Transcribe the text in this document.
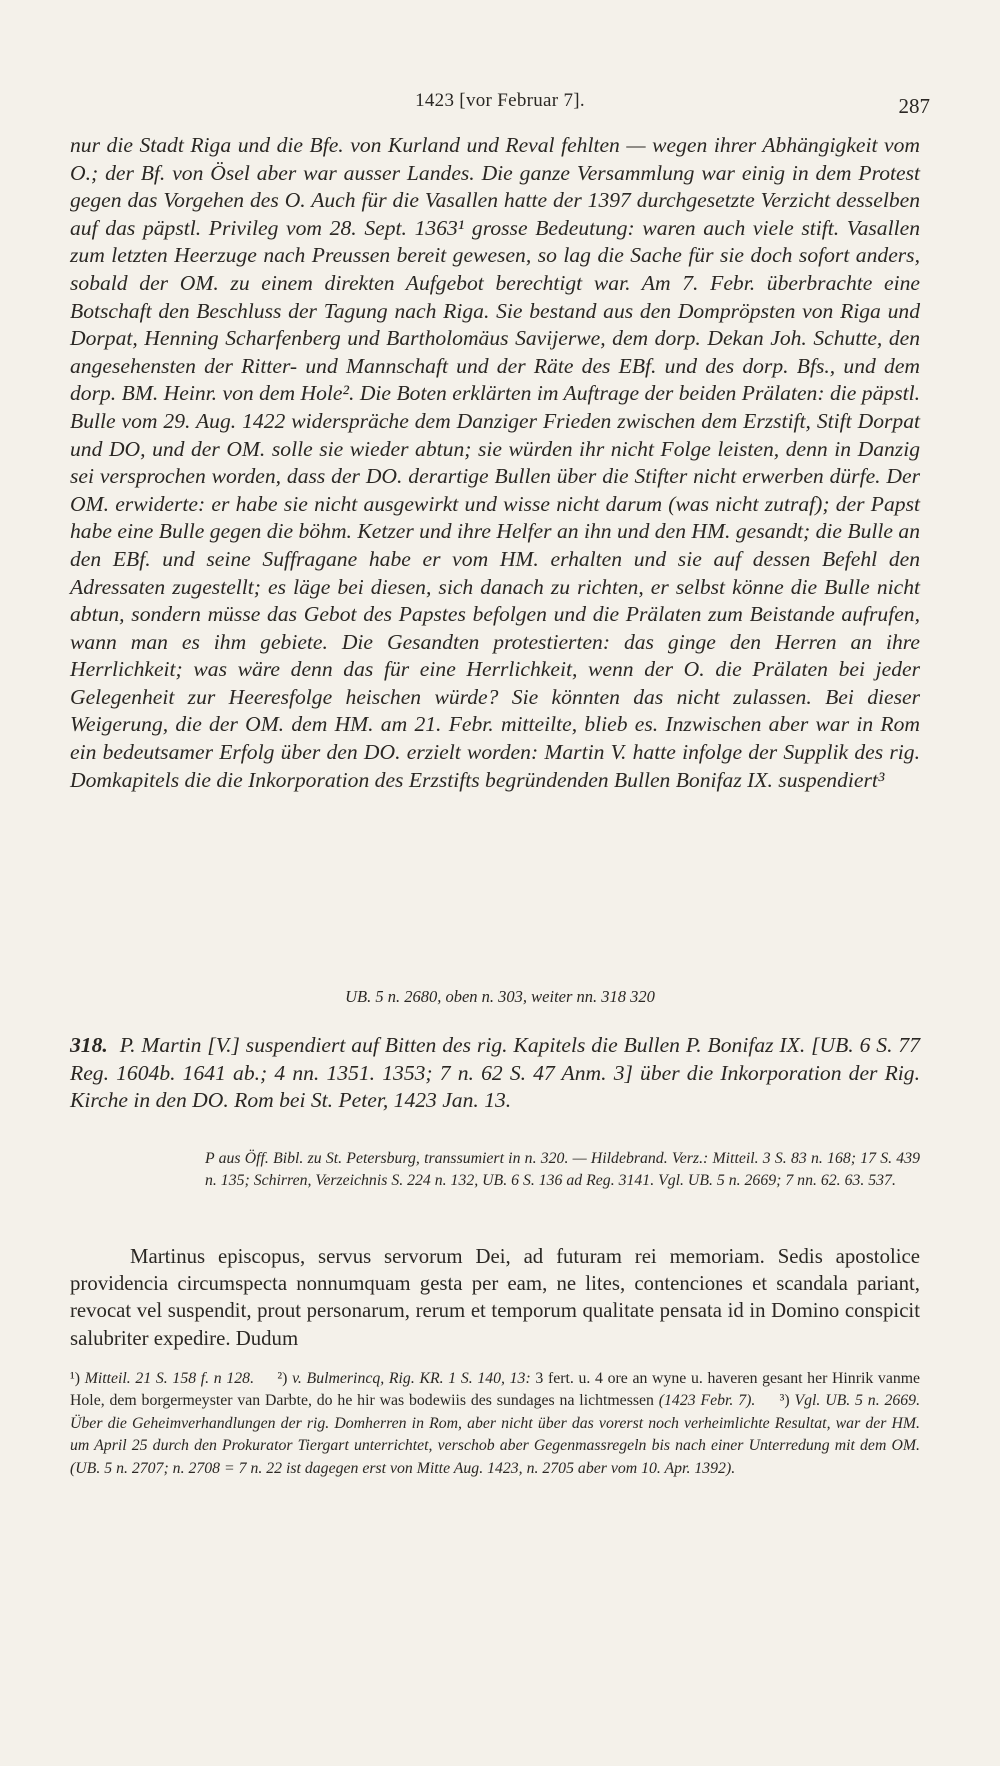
1423 [vor Februar 7].	287
nur die Stadt Riga und die Bfe. von Kurland und Reval fehlten — wegen ihrer Abhängigkeit vom O.; der Bf. von Ösel aber war ausser Landes. Die ganze Versammlung war einig in dem Protest gegen das Vorgehen des O. Auch für die Vasallen hatte der 1397 durchgesetzte Verzicht desselben auf das päpstl. Privileg vom 28. Sept. 1363¹ grosse Bedeutung: waren auch viele stift. Vasallen zum letzten Heerzuge nach Preussen bereit gewesen, so lag die Sache für sie doch sofort anders, sobald der OM. zu einem direkten Aufgebot berechtigt war. Am 7. Febr. überbrachte eine Botschaft den Beschluss der Tagung nach Riga. Sie bestand aus den Dompröpsten von Riga und Dorpat, Henning Scharfenberg und Bartholomäus Savijerwe, dem dorp. Dekan Joh. Schutte, den angesehensten der Ritter- und Mannschaft und der Räte des EBf. und des dorp. Bfs., und dem dorp. BM. Heinr. von dem Hole². Die Boten erklärten im Auftrage der beiden Prälaten: die päpstl. Bulle vom 29. Aug. 1422 widerspräche dem Danziger Frieden zwischen dem Erzstift, Stift Dorpat und DO, und der OM. solle sie wieder abtun; sie würden ihr nicht Folge leisten, denn in Danzig sei versprochen worden, dass der DO. derartige Bullen über die Stifter nicht erwerben dürfe. Der OM. erwiderte: er habe sie nicht ausgewirkt und wisse nicht darum (was nicht zutraf); der Papst habe eine Bulle gegen die böhm. Ketzer und ihre Helfer an ihn und den HM. gesandt; die Bulle an den EBf. und seine Suffragane habe er vom HM. erhalten und sie auf dessen Befehl den Adressaten zugestellt; es läge bei diesen, sich danach zu richten, er selbst könne die Bulle nicht abtun, sondern müsse das Gebot des Papstes befolgen und die Prälaten zum Beistande aufrufen, wann man es ihm gebiete. Die Gesandten protestierten: das ginge den Herren an ihre Herrlichkeit; was wäre denn das für eine Herrlichkeit, wenn der O. die Prälaten bei jeder Gelegenheit zur Heeresfolge heischen würde? Sie könnten das nicht zulassen. Bei dieser Weigerung, die der OM. dem HM. am 21. Febr. mitteilte, blieb es. Inzwischen aber war in Rom ein bedeutsamer Erfolg über den DO. erzielt worden: Martin V. hatte infolge der Supplik des rig. Domkapitels die die Inkorporation des Erzstifts begründenden Bullen Bonifaz IX. suspendiert³
UB. 5 n. 2680, oben n. 303, weiter nn. 318 320
318. P. Martin [V.] suspendiert auf Bitten des rig. Kapitels die Bullen P. Bonifaz IX. [UB. 6 S. 77 Reg. 1604b. 1641 ab.; 4 nn. 1351. 1353; 7 n. 62 S. 47 Anm. 3] über die Inkorporation der Rig. Kirche in den DO. Rom bei St. Peter, 1423 Jan. 13.
P aus Öff. Bibl. zu St. Petersburg, transsumiert in n. 320. — Hildebrand. Verz.: Mitteil. 3 S. 83 n. 168; 17 S. 439 n. 135; Schirren, Verzeichnis S. 224 n. 132, UB. 6 S. 136 ad Reg. 3141. Vgl. UB. 5 n. 2669; 7 nn. 62. 63. 537.
Martinus episcopus, servus servorum Dei, ad futuram rei memoriam. Sedis apostolice providencia circumspecta nonnumquam gesta per eam, ne lites, contenciones et scandala pariant, revocat vel suspendit, prout personarum, rerum et temporum qualitate pensata id in Domino conspicit salubriter expedire. Dudum
¹) Mitteil. 21 S. 158 f. n 128. ²) v. Bulmerincq, Rig. KR. 1 S. 140, 13: 3 fert. u. 4 ore an wyne u. haveren gesant her Hinrik vanme Hole, dem borgermeyster van Darbte, do he hir was bodewiis des sundages na lichtmessen (1423 Febr. 7). ³) Vgl. UB. 5 n. 2669. Über die Geheimverhandlungen der rig. Domherren in Rom, aber nicht über das vorerst noch verheimlichte Resultat, war der HM. um April 25 durch den Prokurator Tiergart unterrichtet, verschob aber Gegenmassregeln bis nach einer Unterredung mit dem OM. (UB. 5 n. 2707; n. 2708 = 7 n. 22 ist dagegen erst von Mitte Aug. 1423, n. 2705 aber vom 10. Apr. 1392).
